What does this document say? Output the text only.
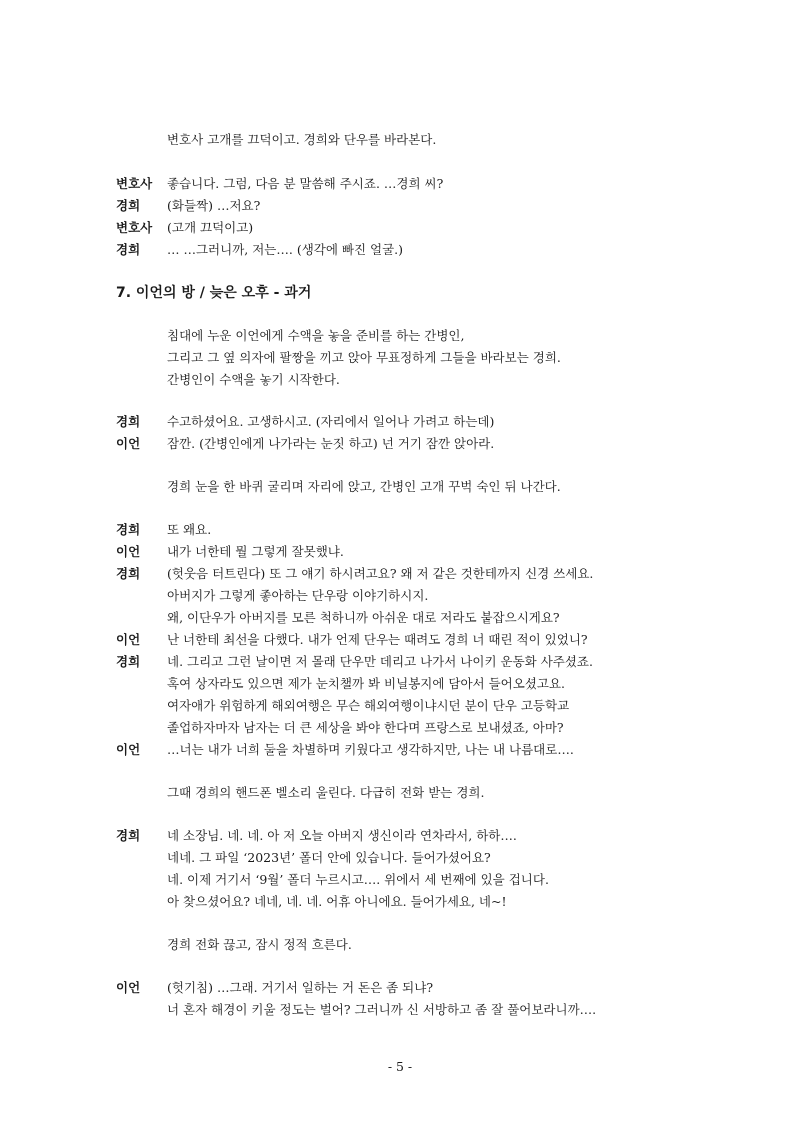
변호사 고개를 끄덕이고. 경희와 단우를 바라본다.
변호사 좋습니다. 그럼, 다음 분 말씀해 주시죠. …경희 씨?
경희 (화들짝) …저요?
변호사 (고개 끄덕이고)
경희 … …그러니까, 저는…. (생각에 빠진 얼굴.)
7. 이언의 방 / 늦은 오후 - 과거
침대에 누운 이언에게 수액을 놓을 준비를 하는 간병인,
그리고 그 옆 의자에 팔짱을 끼고 앉아 무표정하게 그들을 바라보는 경희.
간병인이 수액을 놓기 시작한다.
경희 수고하셨어요. 고생하시고. (자리에서 일어나 가려고 하는데)
이언 잠깐. (간병인에게 나가라는 눈짓 하고) 넌 거기 잠깐 앉아라.
경희 눈을 한 바퀴 굴리며 자리에 앉고, 간병인 고개 꾸벅 숙인 뒤 나간다.
경희 또 왜요.
이언 내가 너한테 뭘 그렇게 잘못했냐.
경희 (헛웃음 터트린다) 또 그 얘기 하시려고요? 왜 저 같은 것한테까지 신경 쓰세요.
아버지가 그렇게 좋아하는 단우랑 이야기하시지.
왜, 이단우가 아버지를 모른 척하니까 아쉬운 대로 저라도 붙잡으시게요?
이언 난 너한테 최선을 다했다. 내가 언제 단우는 때려도 경희 너 때린 적이 있었니?
경희 네. 그리고 그런 날이면 저 몰래 단우만 데리고 나가서 나이키 운동화 사주셨죠.
혹여 상자라도 있으면 제가 눈치챌까 봐 비닐봉지에 담아서 들어오셨고요.
여자애가 위험하게 해외여행은 무슨 해외여행이냐시던 분이 단우 고등학교
졸업하자마자 남자는 더 큰 세상을 봐야 한다며 프랑스로 보내셨죠, 아마?
이언 …너는 내가 너희 둘을 차별하며 키웠다고 생각하지만, 나는 내 나름대로….
그때 경희의 핸드폰 벨소리 울린다. 다급히 전화 받는 경희.
경희 네 소장님. 네. 네. 아 저 오늘 아버지 생신이라 연차라서, 하하….
네네. 그 파일 ‘2023년’ 폴더 안에 있습니다. 들어가셨어요?
네. 이제 거기서 ‘9월’ 폴더 누르시고…. 위에서 세 번째에 있을 겁니다.
아 찾으셨어요? 네네, 네. 네. 어휴 아니에요. 들어가세요, 네~!
경희 전화 끊고, 잠시 정적 흐른다.
이언 (헛기침) …그래. 거기서 일하는 거 돈은 좀 되냐?
너 혼자 해경이 키울 정도는 벌어? 그러니까 신 서방하고 좀 잘 풀어보라니까….
- 5 -
